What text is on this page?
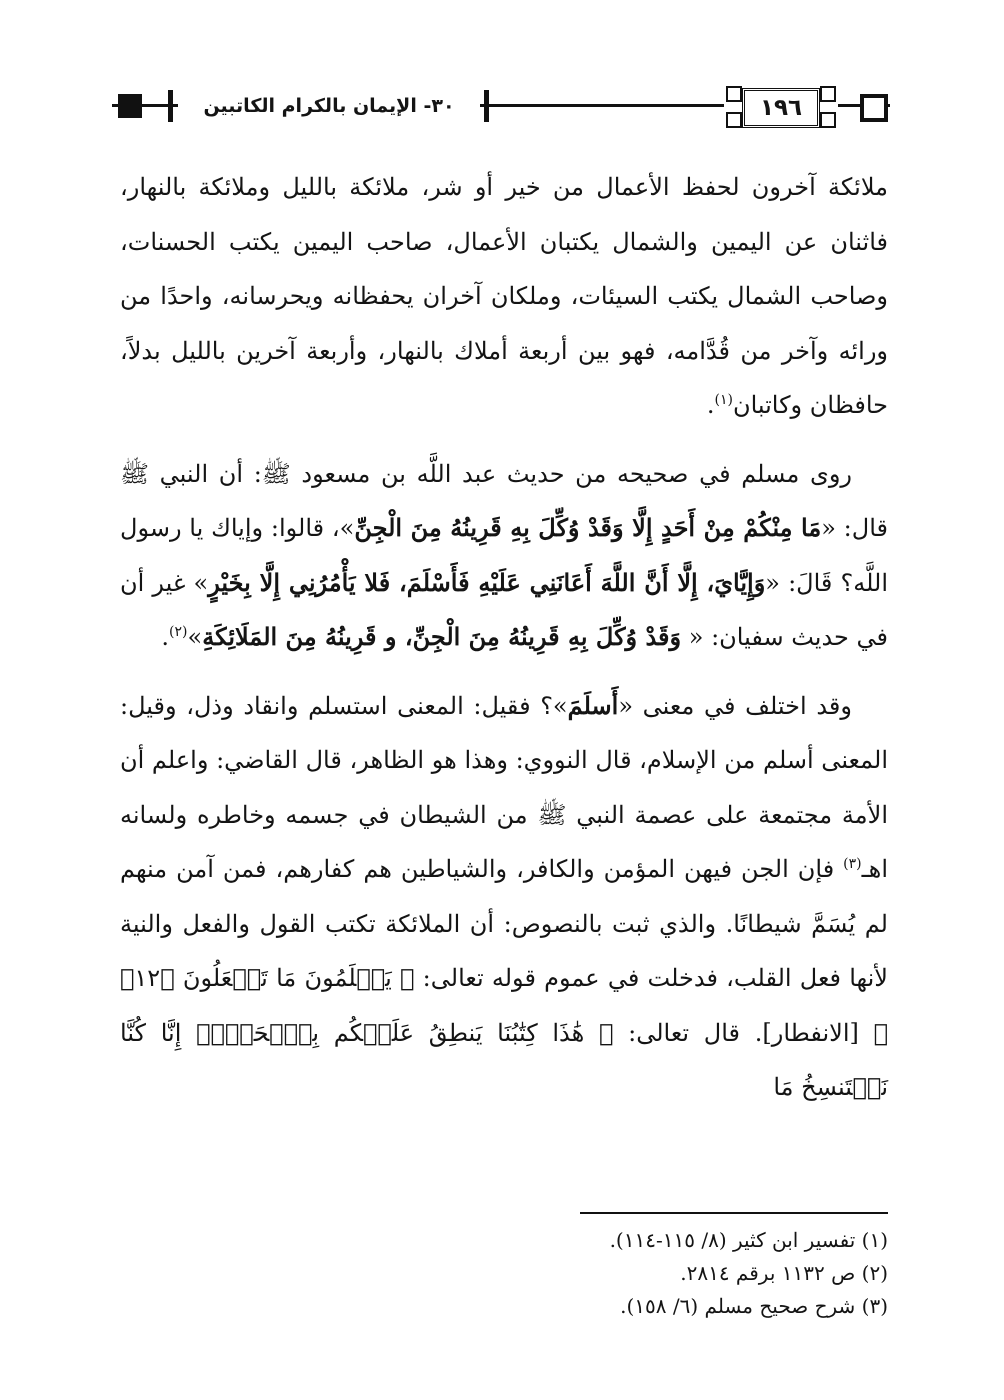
٣٠- الإيمان بالكرام الكاتبين	١٩٦

ملائكة آخرون لحفظ الأعمال من خير أو شر، ملائكة بالليل وملائكة بالنهار، فاثنان عن اليمين والشمال يكتبان الأعمال، صاحب اليمين يكتب الحسنات، وصاحب الشمال يكتب السيئات، وملكان آخران يحفظانه ويحرسانه، واحدًا من ورائه وآخر من قُدَّامه، فهو بين أربعة أملاك بالنهار، وأربعة آخرين بالليل بدلاً، حافظان وكاتبان$^{(١)}$.

روى مسلم في صحيحه من حديث عبد اللَّه بن مسعود ﷺ: أن النبي ﷺ قال: «مَا مِنْكُمْ مِنْ أَحَدٍ إِلَّا وَقَدْ وُكِّلَ بِهِ قَرِينُهُ مِنَ الْجِنِّ»، قالوا: وإياك يا رسول اللَّه؟ قَالَ: «وَإِيَّايَ، إِلَّا أَنَّ اللَّهَ أَعَانَنِي عَلَيْهِ فَأَسْلَمَ، فَلا يَأْمُرُنِي إِلَّا بِخَيْرٍ» غير أن في حديث سفيان: « وَقَدْ وُكِّلَ بِهِ قَرِينُهُ مِنَ الْجِنِّ، و قَرِينُهُ مِنَ المَلَائِكَةِ»$^{(٢)}$.

وقد اختلف في معنى «أَسلَمَ»؟ فقيل: المعنى استسلم وانقاد وذل، وقيل: المعنى أسلم من الإسلام، قال النووي: وهذا هو الظاهر، قال القاضي: واعلم أن الأمة مجتمعة على عصمة النبي ﷺ من الشيطان في جسمه وخاطره ولسانه اهـ$^{(٣)}$ فإن الجن فيهن المؤمن والكافر، والشياطين هم كفارهم، فمن آمن منهم لم يُسَمَّ شيطانًا. والذي ثبت بالنصوص: أن الملائكة تكتب القول والفعل والنية لأنها فعل القلب، فدخلت في عموم قوله تعالى: ﴿ يَعۡلَمُونَ مَا تَفۡعَلُونَ ﴿١٢﴾ ﴾ [الانفطار]. قال تعالى: ﴿ هَٰذَا كِتَٰبُنَا يَنطِقُ عَلَيۡكُم بِٱلۡحَقِّۚ إِنَّا كُنَّا نَسۡتَنسِخُ مَا

(١) تفسير ابن كثير (٨/ ١١٥-١١٤).

(٢) ص ١١٣٢ برقم ٢٨١٤.

(٣) شرح صحيح مسلم (٦/ ١٥٨).
